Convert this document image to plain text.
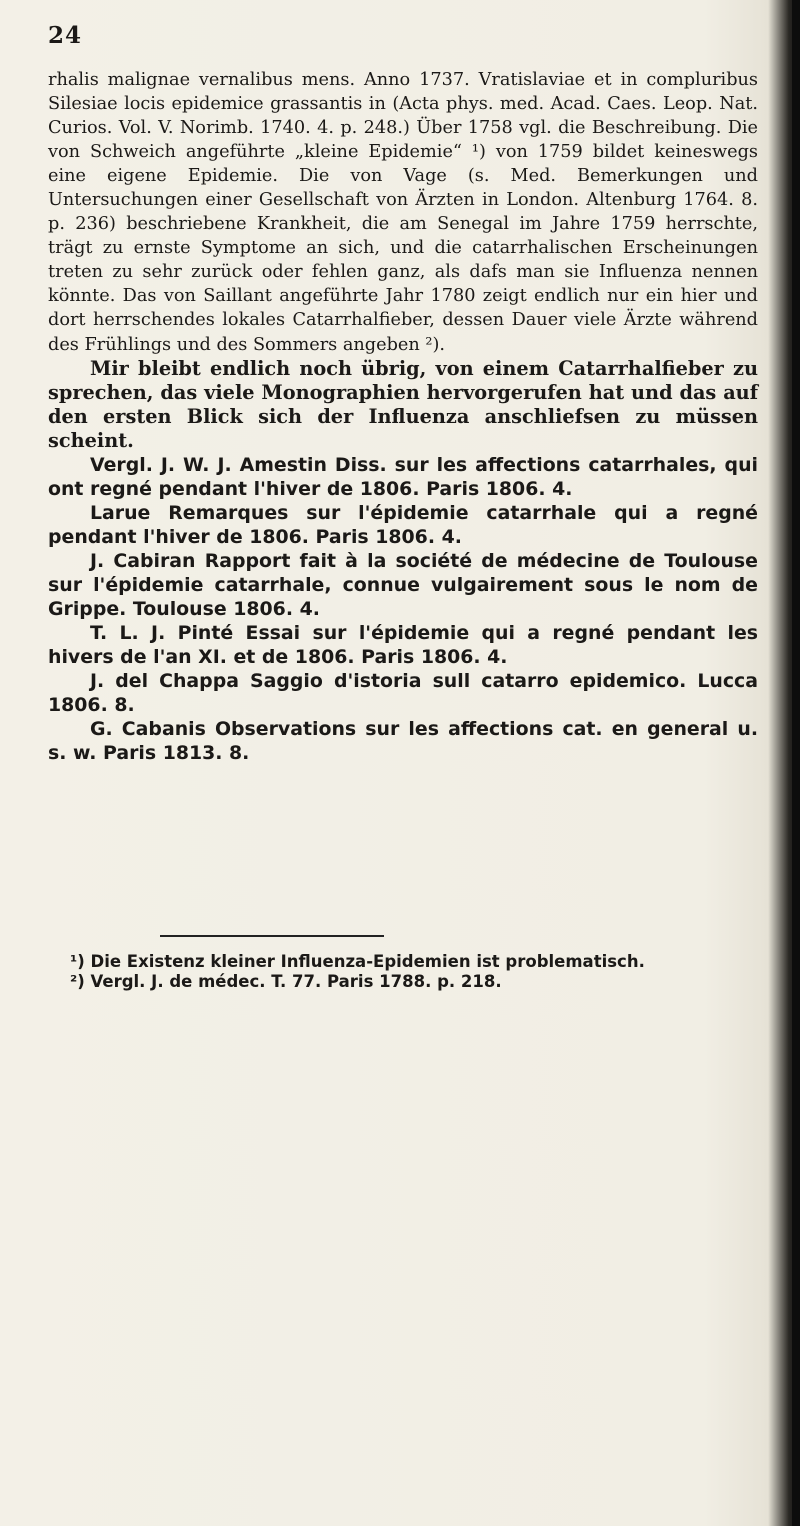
24

rhalis malignae vernalibus mens. Anno 1737. Vratislaviae et in compluribus Silesiae locis epidemice grassantis in (Acta phys. med. Acad. Caes. Leop. Nat. Curios. Vol. V. Norimb. 1740. 4. p. 248.) Über 1758 vgl. die Beschreibung. Die von Schweich angeführte „kleine Epidemie“ ¹) von 1759 bildet keineswegs eine eigene Epidemie. Die von Vage (s. Med. Bemerkungen und Untersuchungen einer Gesellschaft von Ärzten in London. Altenburg 1764. 8. p. 236) beschriebene Krankheit, die am Senegal im Jahre 1759 herrschte, trägt zu ernste Symptome an sich, und die catarrhalischen Erscheinungen treten zu sehr zurück oder fehlen ganz, als dafs man sie Influenza nennen könnte. Das von Saillant angeführte Jahr 1780 zeigt endlich nur ein hier und dort herrschendes lokales Catarrhalfieber, dessen Dauer viele Ärzte während des Frühlings und des Sommers angeben ²).

Mir bleibt endlich noch übrig, von einem Catarrhalfieber zu sprechen, das viele Monographien hervorgerufen hat und das auf den ersten Blick sich der Influenza anschliefsen zu müssen scheint.

Vergl. J. W. J. Amestin Diss. sur les affections catarrhales, qui ont regné pendant l'hiver de 1806. Paris 1806. 4.

Larue Remarques sur l'épidemie catarrhale qui a regné pendant l'hiver de 1806. Paris 1806. 4.

J. Cabiran Rapport fait à la société de médecine de Toulouse sur l'épidemie catarrhale, connue vulgairement sous le nom de Grippe. Toulouse 1806. 4.

T. L. J. Pinté Essai sur l'épidemie qui a regné pendant les hivers de l'an XI. et de 1806. Paris 1806. 4.

J. del Chappa Saggio d'istoria sull catarro epidemico. Lucca 1806. 8.

G. Cabanis Observations sur les affections cat. en general u. s. w. Paris 1813. 8.

¹) Die Existenz kleiner Influenza-Epidemien ist problematisch.

²) Vergl. J. de médec. T. 77. Paris 1788. p. 218.
